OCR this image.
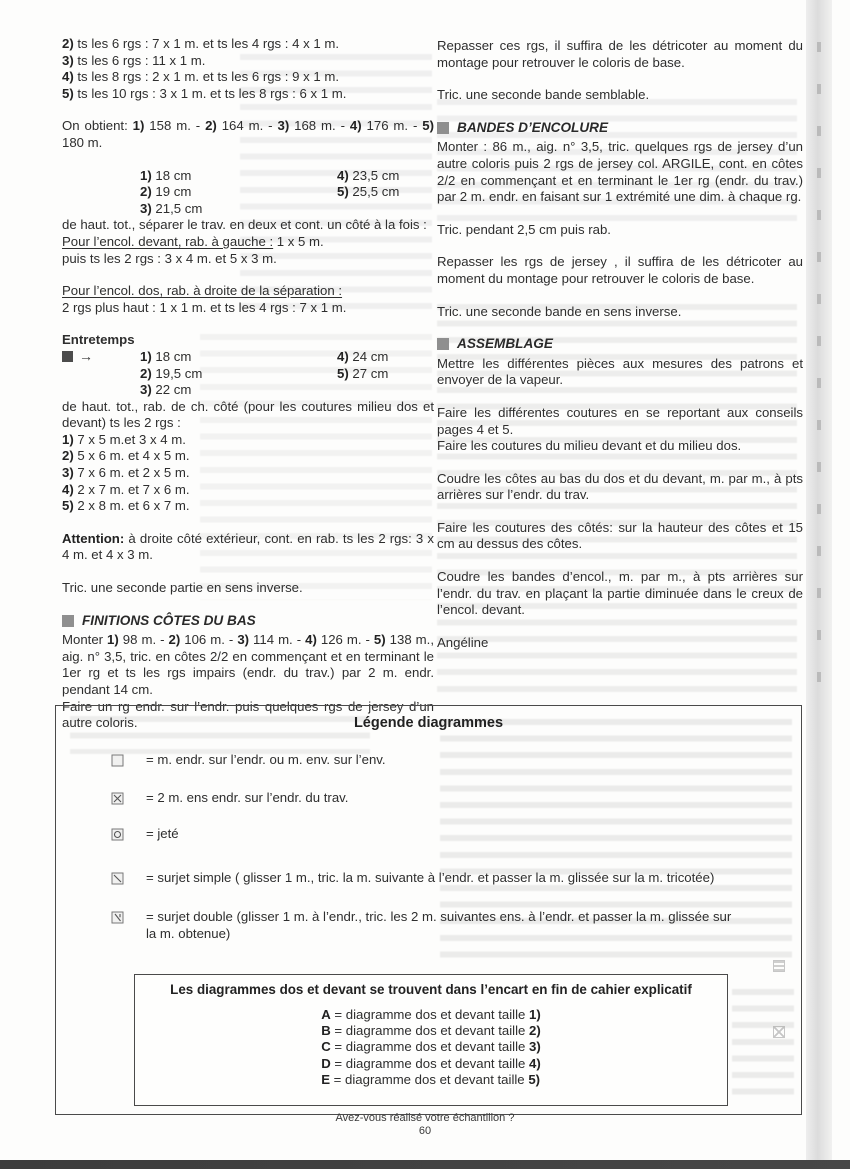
2) ts les 6 rgs : 7 x 1 m. et ts les 4 rgs : 4 x 1 m.
3) ts les 6 rgs : 11 x 1 m.
4) ts les 8 rgs : 2 x 1 m. et ts les 6 rgs : 9 x 1 m.
5) ts les 10 rgs : 3 x 1 m. et ts les 8 rgs : 6 x 1 m.

On obtient: 1) 158 m. - 2) 164 m. - 3) 168 m. - 4) 176 m. - 5) 180 m.

1) 18 cm	4) 23,5 cm
2) 19 cm	5) 25,5 cm
3) 21,5 cm
de haut. tot., séparer le trav. en deux et cont. un côté à la fois :
Pour l’encol. devant, rab. à gauche : 1 x 5 m.
puis ts les 2 rgs : 3 x 4 m. et 5 x 3 m.
Pour l’encol. dos, rab. à droite de la séparation :
2 rgs plus haut : 1 x 1 m. et ts les 4 rgs : 7 x 1 m.
Entretemps
→	1) 18 cm	4) 24 cm
2) 19,5 cm	5) 27 cm
3) 22 cm

de haut. tot., rab. de ch. côté (pour les coutures milieu dos et devant) ts les 2 rgs :

1) 7 x 5 m.et 3 x 4 m.
2) 5 x 6 m. et 4 x 5 m.
3) 7 x 6 m. et 2 x 5 m.
4) 2 x 7 m. et 7 x 6 m.
5) 2 x 8 m. et 6 x 7 m.

Attention: à droite côté extérieur, cont. en rab. ts les 2 rgs: 3 x 4 m. et 4 x 3 m.

Tric. une seconde partie en sens inverse.
FINITIONS CÔTES DU BAS

Monter 1) 98 m. - 2) 106 m. - 3) 114 m. - 4) 126 m. - 5) 138 m., aig. n° 3,5, tric. en côtes 2/2 en commençant et en terminant le 1er rg et ts les rgs impairs (endr. du trav.) par 2 m. endr. pendant 14 cm.

Faire un rg endr. sur l’endr. puis quelques rgs de jersey d’un autre coloris.

Repasser ces rgs, il suffira de les détricoter au moment du montage pour retrouver le coloris de base.

Tric. une seconde bande semblable.

BANDES D’ENCOLURE

Monter : 86 m., aig. n° 3,5, tric. quelques rgs de jersey d’un autre coloris puis 2 rgs de jersey col. ARGILE, cont. en côtes 2/2 en commençant et en terminant le 1er rg (endr. du trav.) par 2 m. endr. en faisant sur 1 extrémité une dim. à chaque rg.

Tric. pendant 2,5 cm puis rab.

Repasser les rgs de jersey , il suffira de les détricoter au moment du montage pour retrouver le coloris de base.

Tric. une seconde bande en sens inverse.

ASSEMBLAGE

Mettre les différentes pièces aux mesures des patrons et envoyer de la vapeur.

Faire les différentes coutures en se reportant aux conseils pages 4 et 5.

Faire les coutures du milieu devant et du milieu dos.

Coudre les côtes au bas du dos et du devant, m. par m., à pts arrières sur l’endr. du trav.

Faire les coutures des côtés: sur la hauteur des côtes et 15 cm au dessus des côtes.

Coudre les bandes d’encol., m. par m., à pts arrières sur l’endr. du trav. en plaçant la partie diminuée dans le creux de l’encol. devant.

Angéline
Légende diagrammes
= m. endr. sur l’endr. ou m. env. sur l’env.
= 2 m. ens endr. sur l’endr. du trav.
= jeté
= surjet simple ( glisser 1 m., tric. la m. suivante à l’endr. et passer la m. glissée sur la m. tricotée)
= surjet double (glisser 1 m. à l’endr., tric. les 2 m. suivantes ens. à l’endr. et passer la m. glissée sur la m. obtenue)
Les diagrammes dos et devant se trouvent dans l’encart en fin de cahier explicatif
A = diagramme dos et devant taille 1)
B = diagramme dos et devant taille 2)
C = diagramme dos et devant taille 3)
D = diagramme dos et devant taille 4)
E = diagramme dos et devant taille 5)
Avez-vous réalisé votre échantillon ?
60
